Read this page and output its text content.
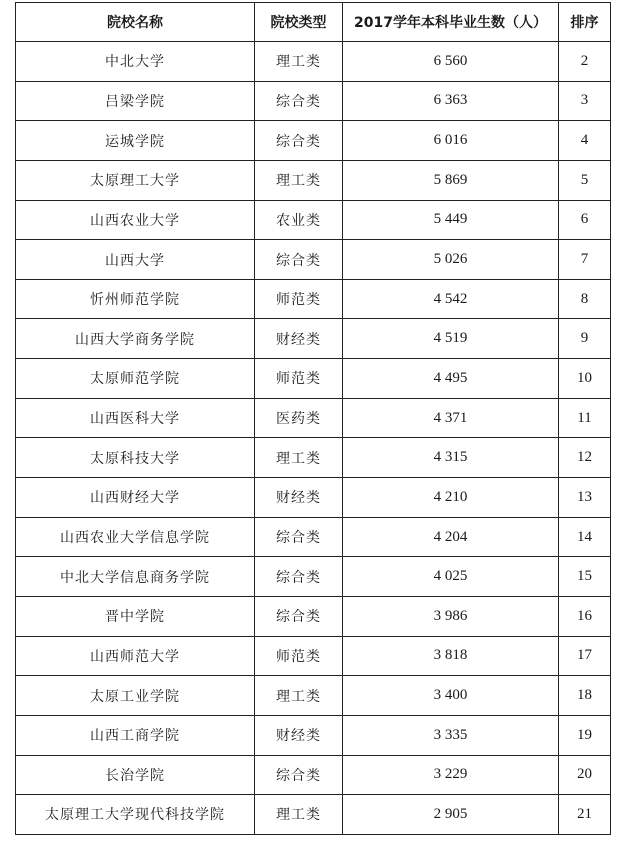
院校名称	院校类型	2017学年本科毕业生数（人）	排序
中北大学	理工类	6 560	2
吕梁学院	综合类	6 363	3
运城学院	综合类	6 016	4
太原理工大学	理工类	5 869	5
山西农业大学	农业类	5 449	6
山西大学	综合类	5 026	7
忻州师范学院	师范类	4 542	8
山西大学商务学院	财经类	4 519	9
太原师范学院	师范类	4 495	10
山西医科大学	医药类	4 371	11
太原科技大学	理工类	4 315	12
山西财经大学	财经类	4 210	13
山西农业大学信息学院	综合类	4 204	14
中北大学信息商务学院	综合类	4 025	15
晋中学院	综合类	3 986	16
山西师范大学	师范类	3 818	17
太原工业学院	理工类	3 400	18
山西工商学院	财经类	3 335	19
长治学院	综合类	3 229	20
太原理工大学现代科技学院	理工类	2 905	21
